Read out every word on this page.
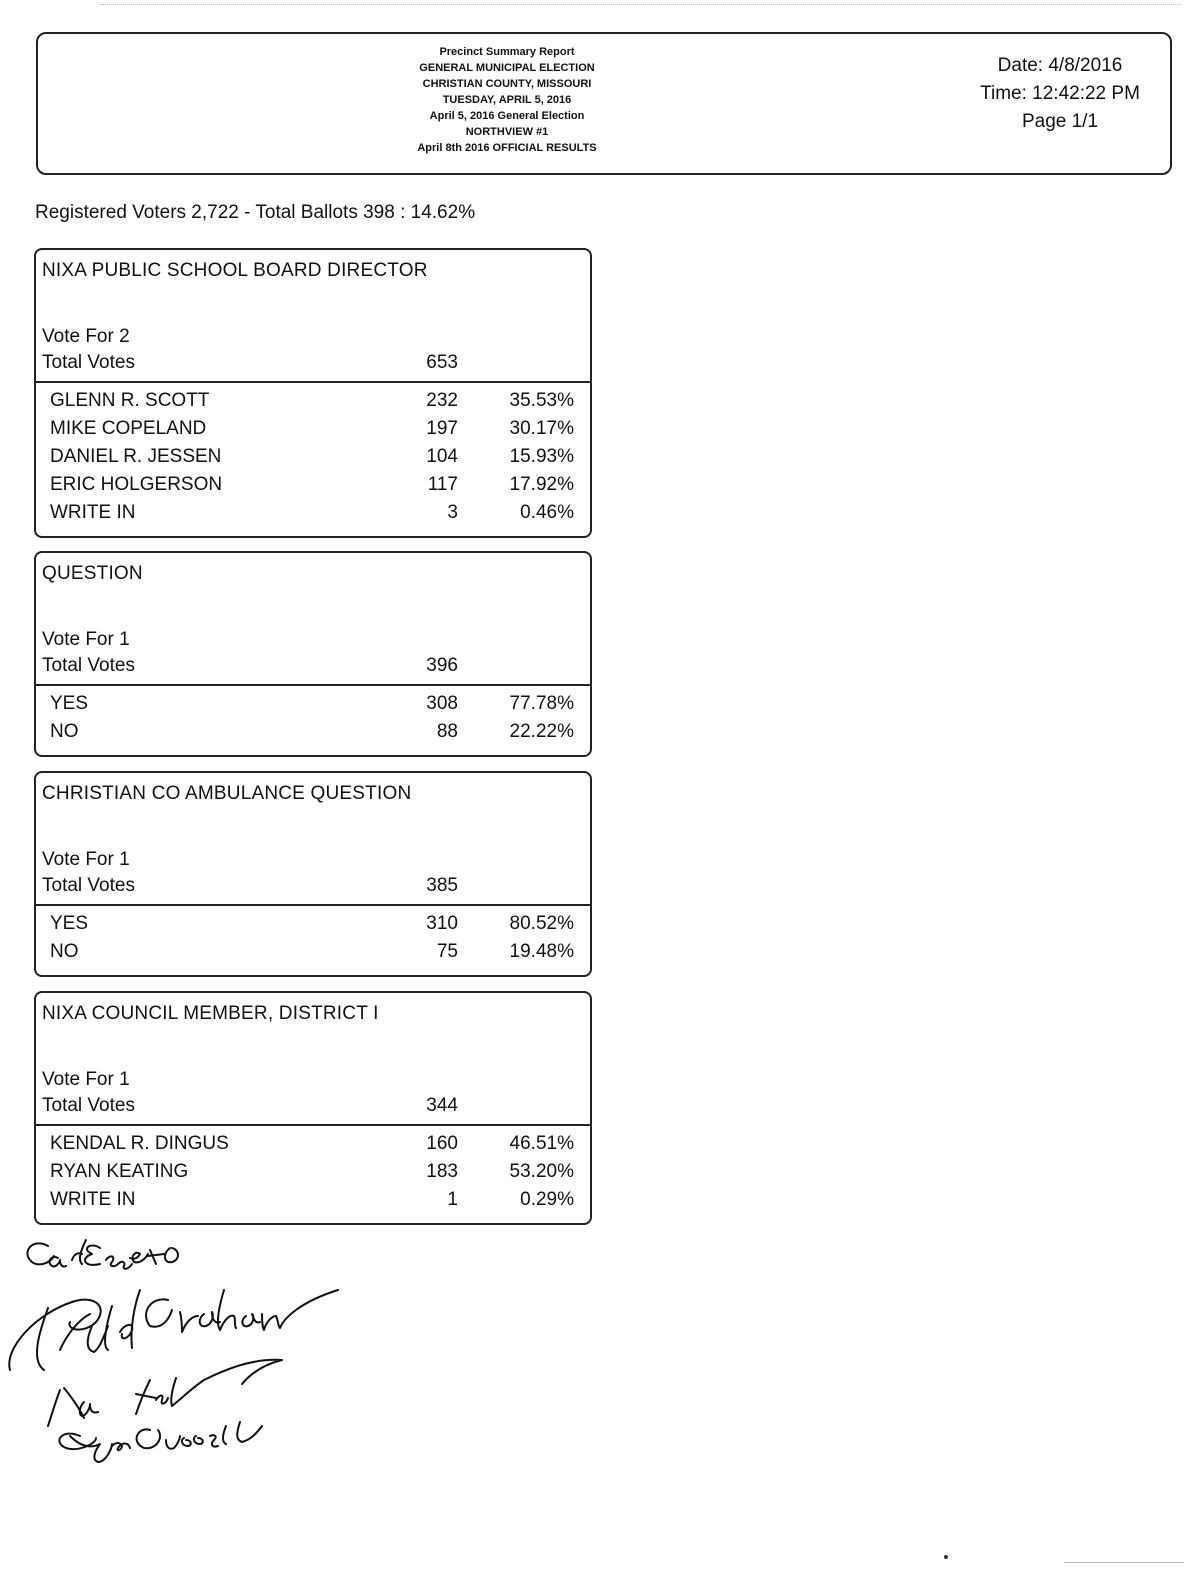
Precinct Summary Report
GENERAL MUNICIPAL ELECTION
CHRISTIAN COUNTY, MISSOURI
TUESDAY, APRIL 5, 2016
April 5, 2016 General Election
NORTHVIEW #1
April 8th 2016 OFFICIAL RESULTS
Date: 4/8/2016
Time: 12:42:22 PM
Page 1/1
Registered Voters 2,722 - Total Ballots 398 : 14.62%
NIXA PUBLIC SCHOOL BOARD DIRECTOR
Vote For 2
Total Votes	653
GLENN R. SCOTT	232	35.53%
MIKE COPELAND	197	30.17%
DANIEL R. JESSEN	104	15.93%
ERIC HOLGERSON	117	17.92%
WRITE IN	3	0.46%
QUESTION
Vote For 1
Total Votes	396
YES	308	77.78%
NO	88	22.22%
CHRISTIAN CO AMBULANCE QUESTION
Vote For 1
Total Votes	385
YES	310	80.52%
NO	75	19.48%
NIXA COUNCIL MEMBER, DISTRICT I
Vote For 1
Total Votes	344
KENDAL R. DINGUS	160	46.51%
RYAN KEATING	183	53.20%
WRITE IN	1	0.29%
